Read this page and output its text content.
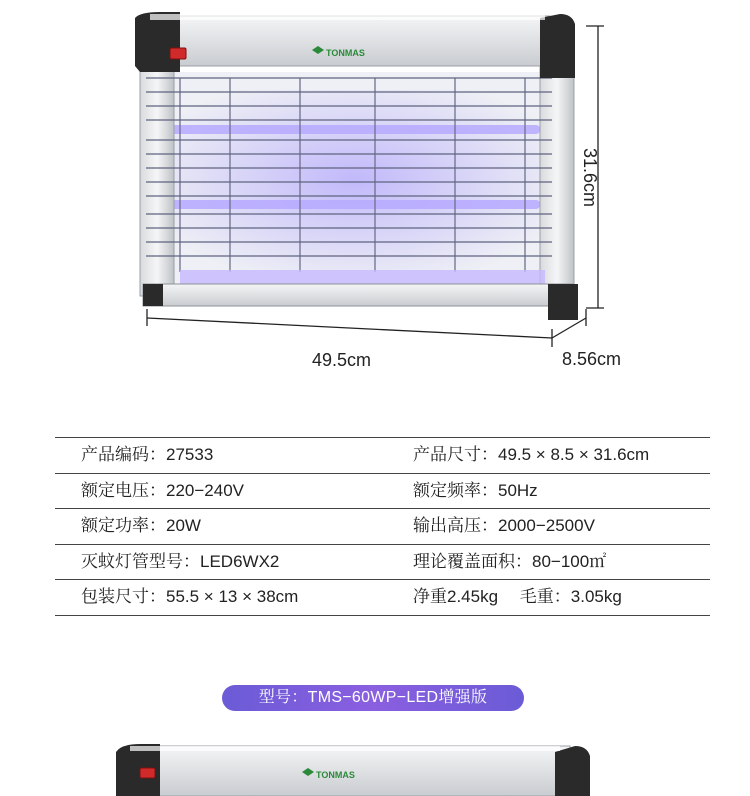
TONMAS
49.5cm	8.56cm
31.6cm
产品编码：27533	产品尺寸：49.5 × 8.5 × 31.6cm
额定电压：220−240V	额定频率：50Hz
额定功率：20W	输出高压：2000−2500V
灭蚊灯管型号：LED6WX2	理论覆盖面积：80−100㎡
包装尺寸：55.5 × 13 × 38cm	净重2.45kg　 毛重：3.05kg
型号：TMS−60WP−LED增强版
TONMAS
